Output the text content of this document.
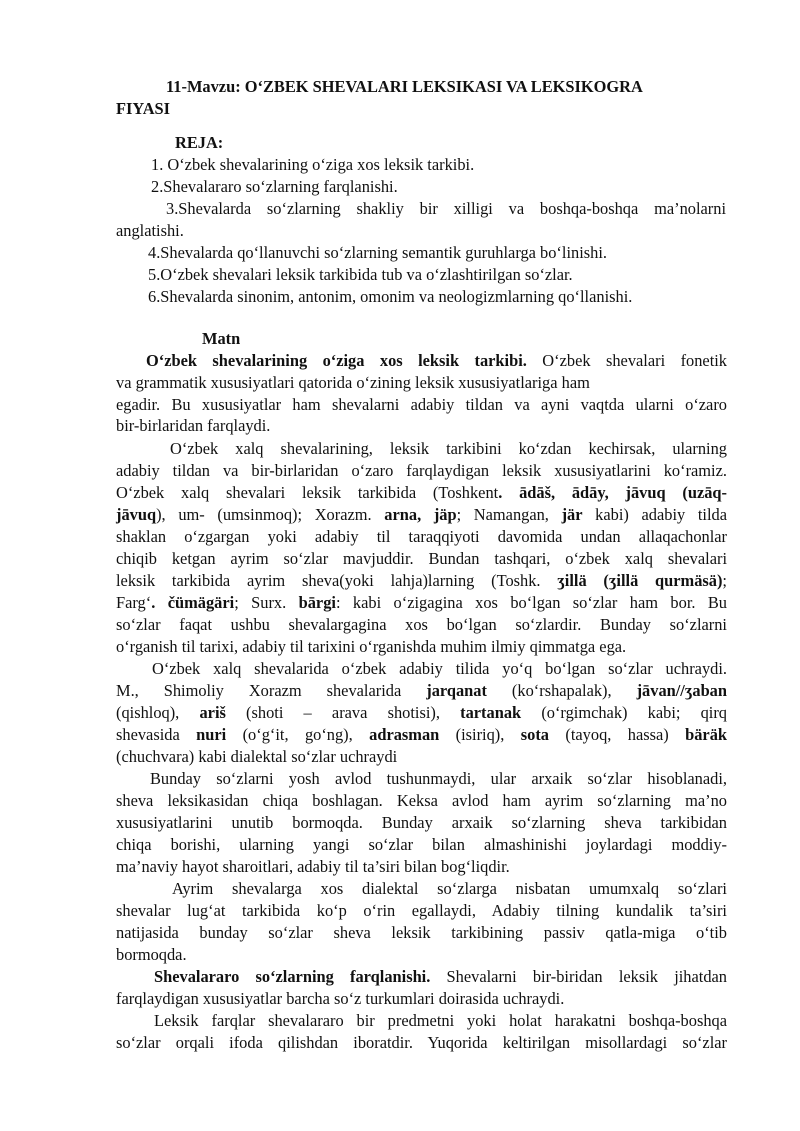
11-Mavzu: O‘ZBEK SHEVALARI LEKSIKASI VA LEKSIKOGRA
FIYASI
REJA:
1. O‘zbek shevalarining o‘ziga xos leksik tarkibi.
2.Shevalararo so‘zlarning farqlanishi.
3.Shevalarda so‘zlarning shakliy bir xilligi va boshqa-boshqa ma’nolarni
anglatishi.
4.Shevalarda qo‘llanuvchi so‘zlarning semantik guruhlarga bo‘linishi.
5.O‘zbek shevalari leksik tarkibida tub va o‘zlashtirilgan so‘zlar.
6.Shevalarda sinonim, antonim, omonim va neologizmlarning qo‘llanishi.
Matn
O‘zbek shevalarining o‘ziga xos leksik tarkibi. O‘zbek shevalari fonetik
va grammatik xususiyatlari qatorida o‘zining leksik xususiyatlariga ham
egadir. Bu xususiyatlar ham shevalarni adabiy tildan va ayni vaqtda ularni o‘zaro
bir-birlaridan farqlaydi.
O‘zbek xalq shevalarining, leksik tarkibini ko‘zdan kechirsak, ularning
adabiy tildan va bir-birlaridan o‘zaro farqlaydigan leksik xususiyatlarini ko‘ramiz.
O‘zbek xalq shevalari leksik tarkibida (Toshkent. ādāš, ādāy, jāvuq (uzāq-
jāvuq), um- (umsinmoq); Xorazm. arna, jäp; Namangan, jär kabi) adabiy tilda
shaklan o‘zgargan yoki adabiy til taraqqiyoti davomida undan allaqachonlar
chiqib ketgan ayrim so‘zlar mavjuddir. Bundan tashqari, o‘zbek xalq shevalari
leksik tarkibida ayrim sheva(yoki lahja)larning (Toshk. ʒillä (ʒillä qurmäsä);
Farg‘. čümägäri; Surx. bārgi: kabi o‘zigagina xos bo‘lgan so‘zlar ham bor. Bu
so‘zlar faqat ushbu shevalargagina xos bo‘lgan so‘zlardir. Bunday so‘zlarni
o‘rganish til tarixi, adabiy til tarixini o‘rganishda muhim ilmiy qimmatga ega.
O‘zbek xalq shevalarida o‘zbek adabiy tilida yo‘q bo‘lgan so‘zlar uchraydi.
M., Shimoliy Xorazm shevalarida jarqanat (ko‘rshapalak), jāvan//ʒaban
(qishloq), ariš (shoti – arava shotisi), tartanak (o‘rgimchak) kabi; qirq
shevasida nuri (o‘g‘it, go‘ng), adrasman (isiriq), sota (tayoq, hassa) bäräk
(chuchvara) kabi dialektal so‘zlar uchraydi
Bunday so‘zlarni yosh avlod tushunmaydi, ular arxaik so‘zlar hisoblanadi,
sheva leksikasidan chiqa boshlagan. Keksa avlod ham ayrim so‘zlarning ma’no
xususiyatlarini unutib bormoqda. Bunday arxaik so‘zlarning sheva tarkibidan
chiqa borishi, ularning yangi so‘zlar bilan almashinishi joylardagi moddiy-
ma’naviy hayot sharoitlari, adabiy til ta’siri bilan bog‘liqdir.
Ayrim shevalarga xos dialektal so‘zlarga nisbatan umumxalq so‘zlari
shevalar lug‘at tarkibida ko‘p o‘rin egallaydi, Adabiy tilning kundalik ta’siri
natijasida bunday so‘zlar sheva leksik tarkibining passiv qatla-miga o‘tib
bormoqda.
Shevalararo so‘zlarning farqlanishi. Shevalarni bir-biridan leksik jihatdan
farqlaydigan xususiyatlar barcha so‘z turkumlari doirasida uchraydi.
Leksik farqlar shevalararo bir predmetni yoki holat harakatni boshqa-boshqa
so‘zlar orqali ifoda qilishdan iboratdir. Yuqorida keltirilgan misollardagi so‘zlar
